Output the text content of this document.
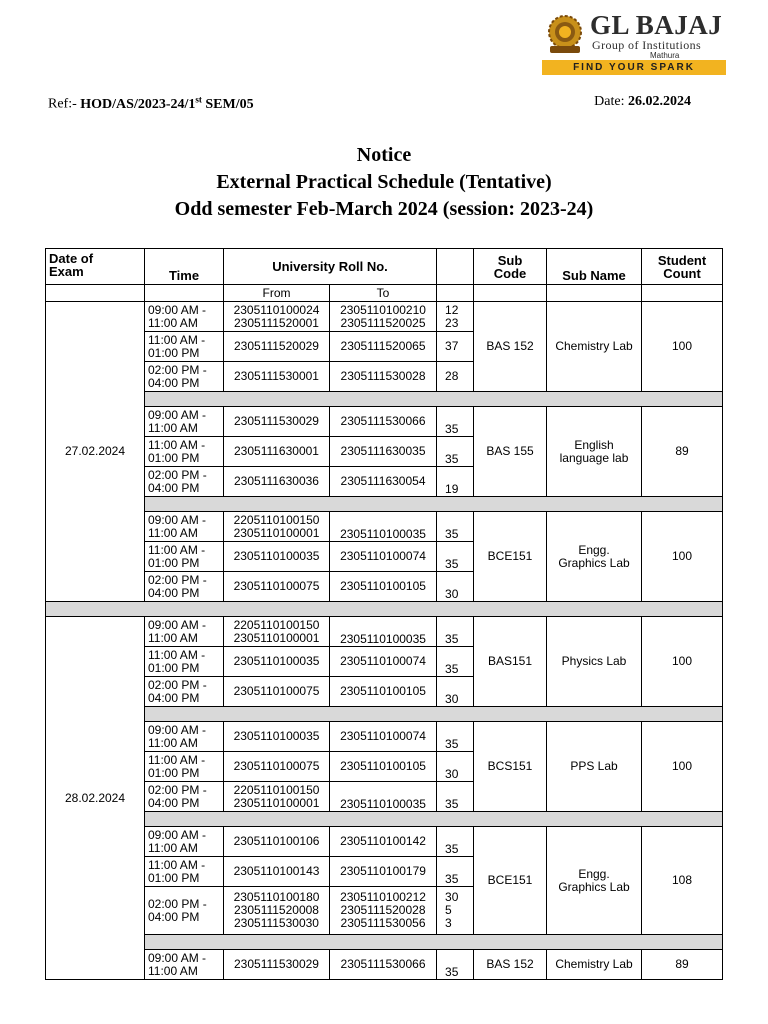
GL BAJAJ
Group of Institutions
Mathura
FIND YOUR SPARK
Ref:- HOD/AS/2023-24/1st SEM/05	Date: 26.02.2024
Notice
External Practical Schedule (Tentative)
Odd semester Feb-March 2024 (session: 2023-24)
Date of
Exam	Time	University Roll No.			Sub
Code	Sub Name	Student
Count
		From	To				
27.02.2024	09:00 AM -
11:00 AM	2305110100024
2305111520001	2305110100210
2305111520025	12
23	BAS 152	Chemistry Lab	100
	11:00 AM -
01:00 PM	2305111520029	2305111520065	37			
	02:00 PM -
04:00 PM	2305111530001	2305111530028	28			

	09:00 AM -
11:00 AM	2305111530029	2305111530066	35	BAS 155	English
language lab	89
	11:00 AM -
01:00 PM	2305111630001	2305111630035	35			
	02:00 PM -
04:00 PM	2305111630036	2305111630054	19			

	09:00 AM -
11:00 AM	2205110100150
2305110100001	2305110100035	35	BCE151	Engg.
Graphics Lab	100
	11:00 AM -
01:00 PM	2305110100035	2305110100074	35			
	02:00 PM -
04:00 PM	2305110100075	2305110100105	30			

28.02.2024	09:00 AM -
11:00 AM	2205110100150
2305110100001	2305110100035	35	BAS151	Physics Lab	100
	11:00 AM -
01:00 PM	2305110100035	2305110100074	35			
	02:00 PM -
04:00 PM	2305110100075	2305110100105	30			

	09:00 AM -
11:00 AM	2305110100035	2305110100074	35	BCS151	PPS Lab	100
	11:00 AM -
01:00 PM	2305110100075	2305110100105	30			
	02:00 PM -
04:00 PM	2205110100150
2305110100001	2305110100035	35			

	09:00 AM -
11:00 AM	2305110100106	2305110100142	35	BCE151	Engg.
Graphics Lab	108
	11:00 AM -
01:00 PM	2305110100143	2305110100179	35			
	02:00 PM -
04:00 PM	2305110100180
2305111520008
2305111530030	2305110100212
2305111520028
2305111530056	30
5
3			

	09:00 AM -
11:00 AM	2305111530029	2305111530066	35	BAS 152	Chemistry Lab	89
